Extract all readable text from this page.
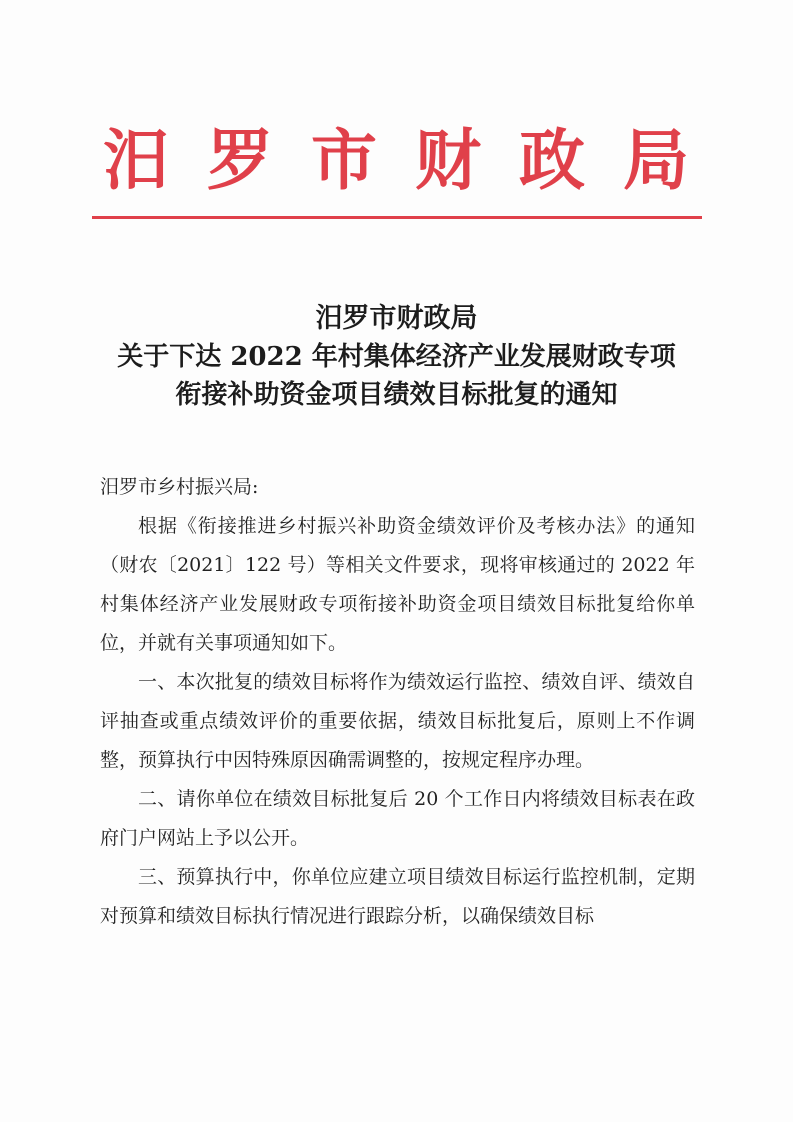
汨 罗 市 财 政 局
汨罗市财政局
关于下达 2022 年村集体经济产业发展财政专项
衔接补助资金项目绩效目标批复的通知

汨罗市乡村振兴局:

根据《衔接推进乡村振兴补助资金绩效评价及考核办法》的通知（财农〔2021〕122 号）等相关文件要求，现将审核通过的 2022 年村集体经济产业发展财政专项衔接补助资金项目绩效目标批复给你单位，并就有关事项通知如下。

一、本次批复的绩效目标将作为绩效运行监控、绩效自评、绩效自评抽查或重点绩效评价的重要依据，绩效目标批复后，原则上不作调整，预算执行中因特殊原因确需调整的，按规定程序办理。

二、请你单位在绩效目标批复后 20 个工作日内将绩效目标表在政府门户网站上予以公开。

三、预算执行中，你单位应建立项目绩效目标运行监控机制，定期对预算和绩效目标执行情况进行跟踪分析，以确保绩效目标
